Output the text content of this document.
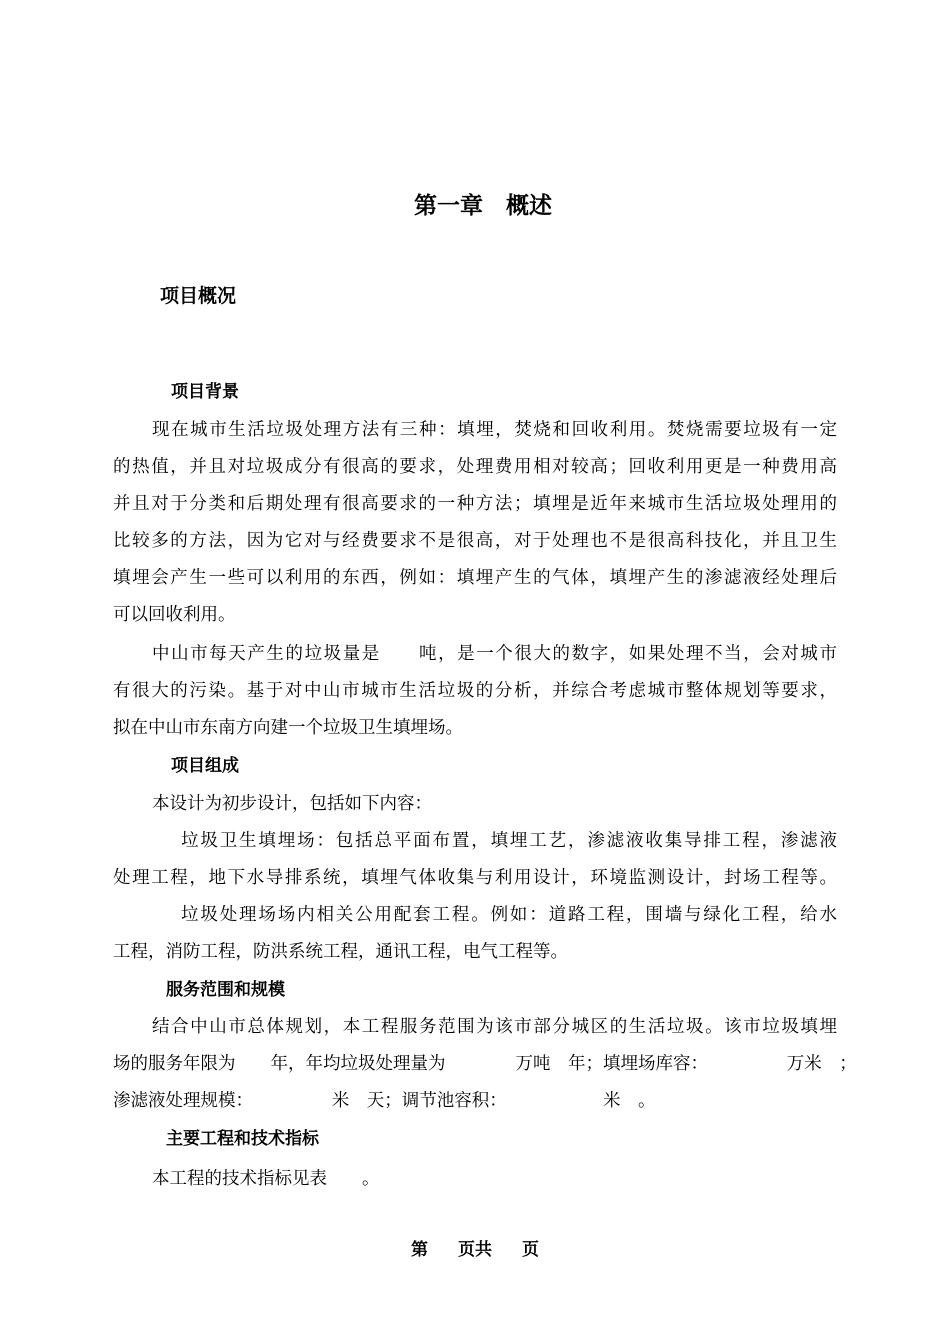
第一章　概述
项目概况
项目背景
现在城市生活垃圾处理方法有三种：填埋，焚烧和回收利用。焚烧需要垃圾有一定
的热值，并且对垃圾成分有很高的要求，处理费用相对较高；回收利用更是一种费用高
并且对于分类和后期处理有很高要求的一种方法；填埋是近年来城市生活垃圾处理用的
比较多的方法，因为它对与经费要求不是很高，对于处理也不是很高科技化，并且卫生
填埋会产生一些可以利用的东西，例如：填埋产生的气体，填埋产生的渗滤液经处理后
可以回收利用。
中山市每天产生的垃圾量是　　吨，是一个很大的数字，如果处理不当，会对城市
有很大的污染。基于对中山市城市生活垃圾的分析，并综合考虑城市整体规划等要求，
拟在中山市东南方向建一个垃圾卫生填埋场。
项目组成
本设计为初步设计，包括如下内容：
垃圾卫生填埋场：包括总平面布置，填埋工艺，渗滤液收集导排工程，渗滤液
处理工程，地下水导排系统，填埋气体收集与利用设计，环境监测设计，封场工程等。
垃圾处理场场内相关公用配套工程。例如：道路工程，围墙与绿化工程，给水
工程，消防工程，防洪系统工程，通讯工程，电气工程等。
服务范围和规模
结合中山市总体规划，本工程服务范围为该市部分城区的生活垃圾。该市垃圾填埋
场的服务年限为　　年，年均垃圾处理量为　　　　万吨　年；填埋场库容：　　　　　万米　；
渗滤液处理规模：　　　　　米　天；调节池容积：　　　　　　米　。
主要工程和技术指标
本工程的技术指标见表　　。
第 页共 页
